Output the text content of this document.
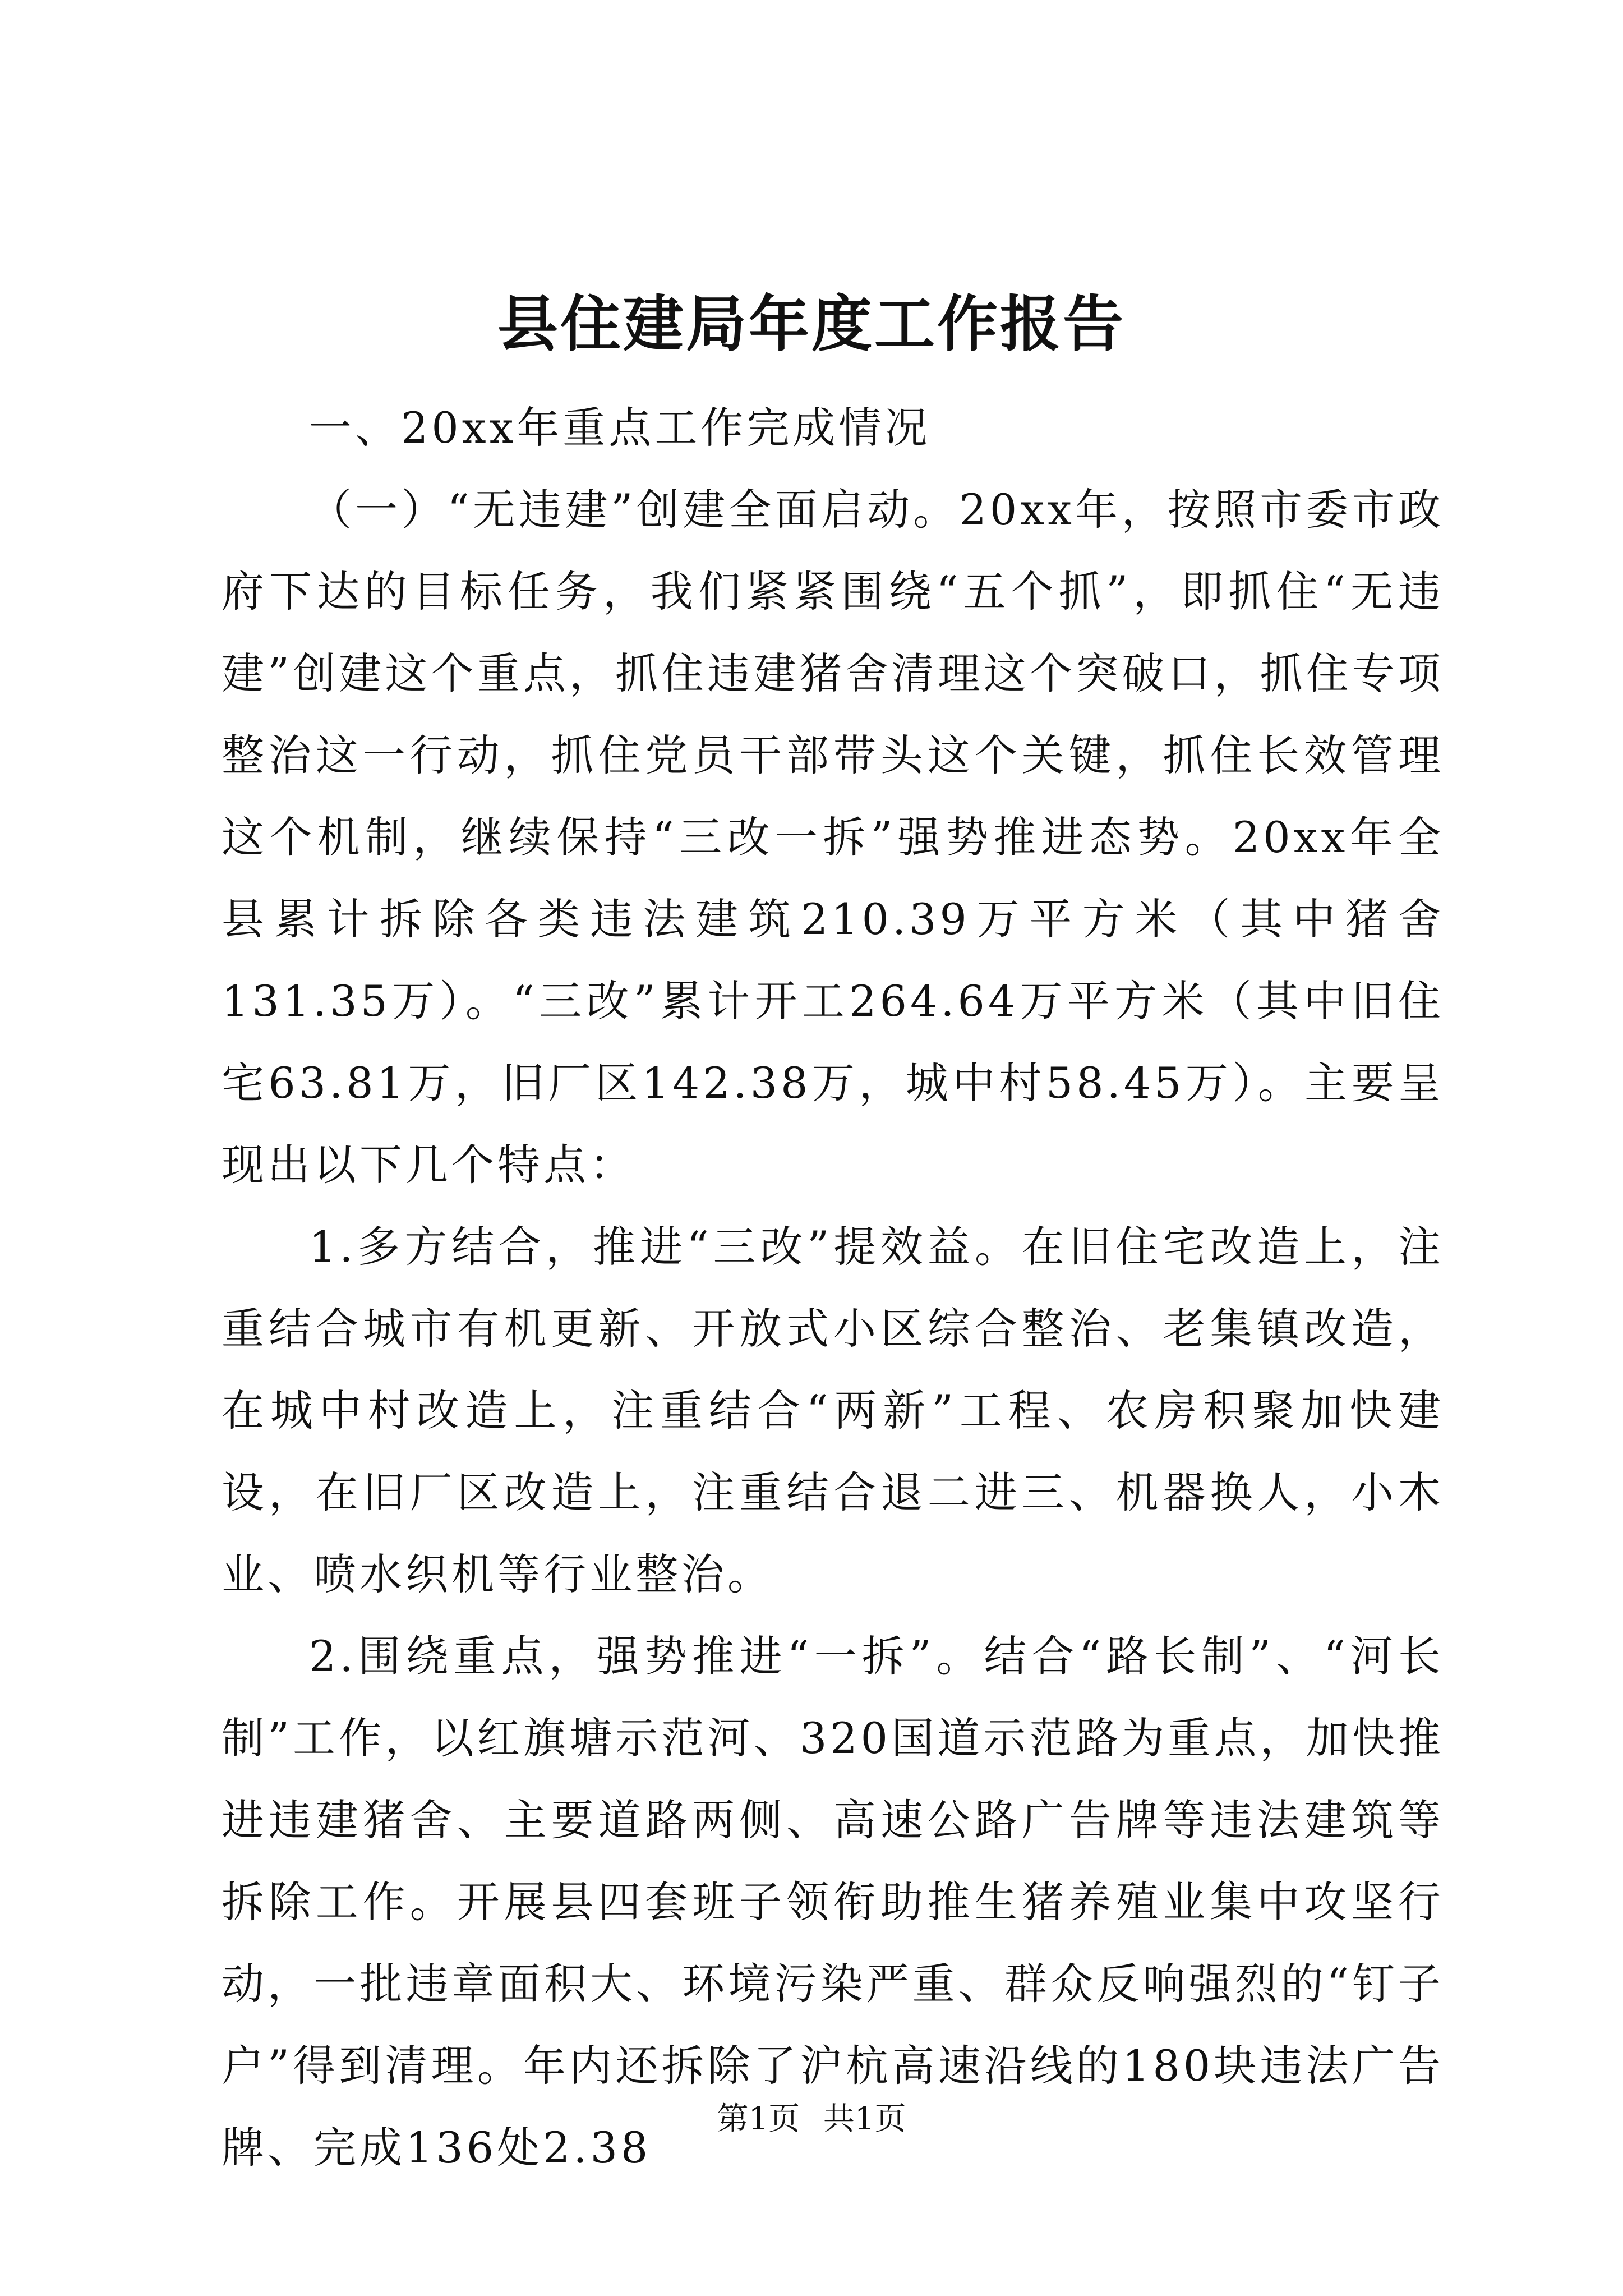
县住建局年度工作报告

一、20xx年重点工作完成情况

（一）“无违建”创建全面启动。20xx年，按照市委市政府下达的目标任务，我们紧紧围绕“五个抓”，即抓住“无违建”创建这个重点，抓住违建猪舍清理这个突破口，抓住专项整治这一行动，抓住党员干部带头这个关键，抓住长效管理这个机制，继续保持“三改一拆”强势推进态势。20xx年全县累计拆除各类违法建筑210.39万平方米（其中猪舍131.35万）。“三改”累计开工264.64万平方米（其中旧住宅63.81万，旧厂区142.38万，城中村58.45万）。主要呈现出以下几个特点：

1.多方结合，推进“三改”提效益。在旧住宅改造上，注重结合城市有机更新、开放式小区综合整治、老集镇改造，在城中村改造上，注重结合“两新”工程、农房积聚加快建设，在旧厂区改造上，注重结合退二进三、机器换人，小木业、喷水织机等行业整治。

2.围绕重点，强势推进“一拆”。结合“路长制”、“河长制”工作，以红旗塘示范河、320国道示范路为重点，加快推进违建猪舍、主要道路两侧、高速公路广告牌等违法建筑等拆除工作。开展县四套班子领衔助推生猪养殖业集中攻坚行动，一批违章面积大、环境污染严重、群众反响强烈的“钉子户”得到清理。年内还拆除了沪杭高速沿线的180块违法广告牌、完成136处2.38

第1页 共1页
